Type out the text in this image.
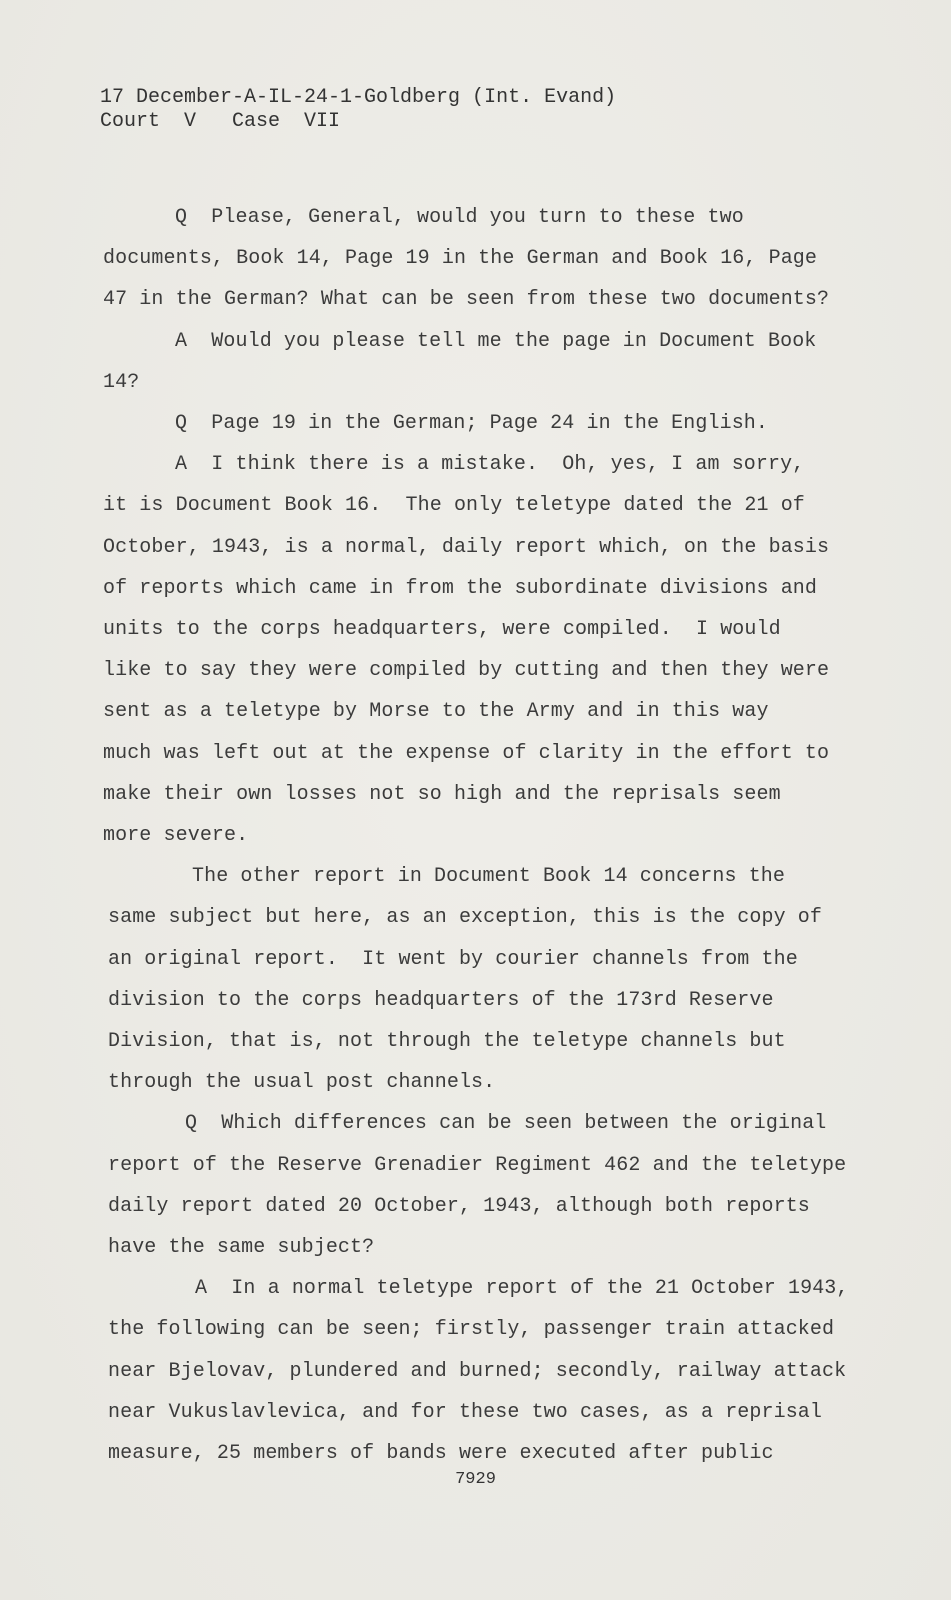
17 December-A-IL-24-1-Goldberg (Int. Evand)
Court  V   Case  VII
Q  Please, General, would you turn to these two
documents, Book 14, Page 19 in the German and Book 16, Page
47 in the German? What can be seen from these two documents?
A  Would you please tell me the page in Document Book
14?
Q  Page 19 in the German; Page 24 in the English.
A  I think there is a mistake.  Oh, yes, I am sorry,
it is Document Book 16.  The only teletype dated the 21 of
October, 1943, is a normal, daily report which, on the basis
of reports which came in from the subordinate divisions and
units to the corps headquarters, were compiled.  I would
like to say they were compiled by cutting and then they were
sent as a teletype by Morse to the Army and in this way
much was left out at the expense of clarity in the effort to
make their own losses not so high and the reprisals seem
more severe.
The other report in Document Book 14 concerns the
same subject but here, as an exception, this is the copy of
an original report.  It went by courier channels from the
division to the corps headquarters of the 173rd Reserve
Division, that is, not through the teletype channels but
through the usual post channels.
Q  Which differences can be seen between the original
report of the Reserve Grenadier Regiment 462 and the teletype
daily report dated 20 October, 1943, although both reports
have the same subject?
A  In a normal teletype report of the 21 October 1943,
the following can be seen; firstly, passenger train attacked
near Bjelovav, plundered and burned; secondly, railway attack
near Vukuslavlevica, and for these two cases, as a reprisal
measure, 25 members of bands were executed after public
7929
